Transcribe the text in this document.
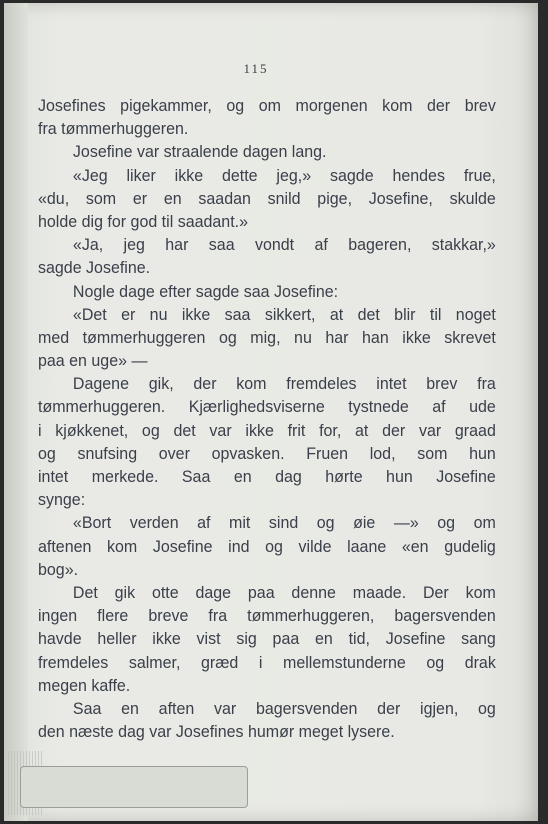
115
Josefines pigekammer, og om morgenen kom der brev
fra tømmerhuggeren.
Josefine var straalende dagen lang.
«Jeg liker ikke dette jeg,» sagde hendes frue,
«du, som er en saadan snild pige, Josefine, skulde
holde dig for god til saadant.»
«Ja, jeg har saa vondt af bageren, stakkar,»
sagde Josefine.
Nogle dage efter sagde saa Josefine:
«Det er nu ikke saa sikkert, at det blir til noget
med tømmerhuggeren og mig, nu har han ikke skrevet
paa en uge» —
Dagene gik, der kom fremdeles intet brev fra
tømmerhuggeren. Kjærlighedsviserne tystnede af ude
i kjøkkenet, og det var ikke frit for, at der var graad
og snufsing over opvasken. Fruen lod, som hun
intet merkede. Saa en dag hørte hun Josefine
synge:
«Bort verden af mit sind og øie —» og om
aftenen kom Josefine ind og vilde laane «en gudelig
bog».
Det gik otte dage paa denne maade. Der kom
ingen flere breve fra tømmerhuggeren, bagersvenden
havde heller ikke vist sig paa en tid, Josefine sang
fremdeles salmer, græd i mellemstunderne og drak
megen kaffe.
Saa en aften var bagersvenden der igjen, og
den næste dag var Josefines humør meget lysere.
